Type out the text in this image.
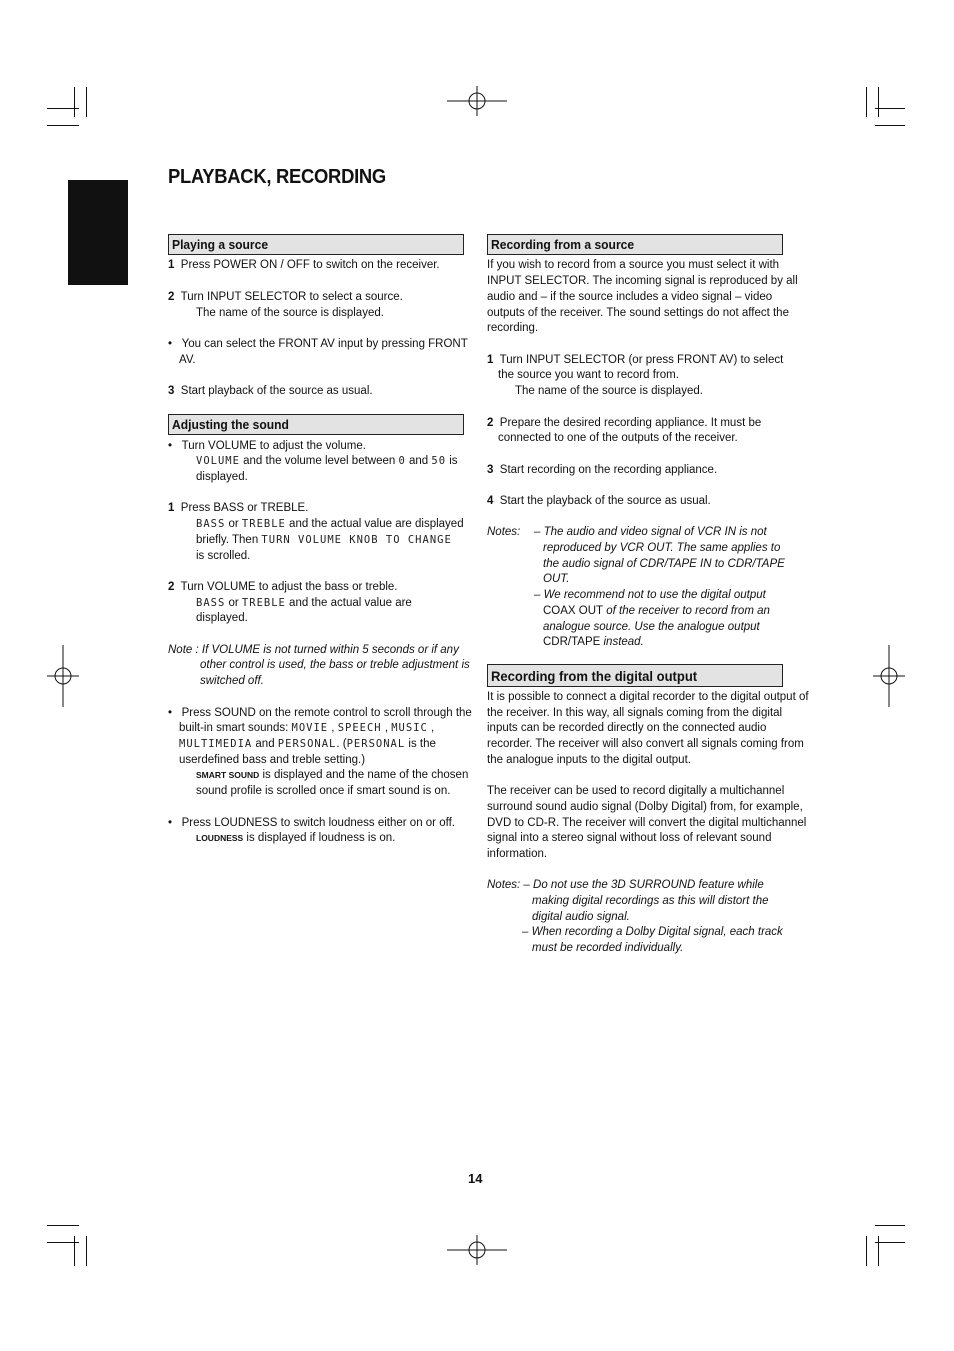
PLAYBACK, RECORDING
Playing a source
1 Press POWER ON / OFF to switch on the receiver.
2 Turn INPUT SELECTOR to select a source.
The name of the source is displayed.
•   You can select the FRONT AV input by pressing FRONT
AV.
3 Start playback of the source as usual.
Adjusting the sound
•   Turn VOLUME to adjust the volume.
VOLUME and the volume level between 0 and 50 is
displayed.
1 Press BASS or TREBLE.
BASS or TREBLE and the actual value are displayed
briefly. Then TURN VOLUME KNOB TO CHANGE
is scrolled.
2 Turn VOLUME to adjust the bass or treble.
BASS or TREBLE and the actual value are
displayed.
Note : If VOLUME is not turned within 5 seconds or if any
other control is used, the bass or treble adjustment is
switched off.
•   Press SOUND on the remote control to scroll through the
built-in smart sounds: MOVIE , SPEECH , MUSIC ,
MULTIMEDIA and PERSONAL. (PERSONAL is the
userdefined bass and treble setting.)
SMART SOUND is displayed and the name of the chosen
sound profile is scrolled once if smart sound is on.
•   Press LOUDNESS to switch loudness either on or off.
LOUDNESS is displayed if loudness is on.
Recording from a source
If you wish to record from a source you must select it with
INPUT SELECTOR. The incoming signal is reproduced by all
audio and – if the source includes a video signal – video
outputs of the receiver. The sound settings do not affect the
recording.
1 Turn INPUT SELECTOR (or press FRONT AV) to select
the source you want to record from.
The name of the source is displayed.
2 Prepare the desired recording appliance. It must be
connected to one of the outputs of the receiver.
3 Start recording on the recording appliance.
4 Start the playback of the source as usual.
Notes: – The audio and video signal of VCR IN is not
reproduced by VCR OUT. The same applies to
the audio signal of CDR/TAPE IN to CDR/TAPE
OUT.
– We recommend not to use the digital output
COAX OUT of the receiver to record from an
analogue source. Use the analogue output
CDR/TAPE instead.
Recording from the digital output
It is possible to connect a digital recorder to the digital output of
the receiver. In this way, all signals coming from the digital
inputs can be recorded directly on the connected audio
recorder. The receiver will also convert all signals coming from
the analogue inputs to the digital output.
The receiver can be used to record digitally a multichannel
surround sound audio signal (Dolby Digital) from, for example,
DVD to CD-R. The receiver will convert the digital multichannel
signal into a stereo signal without loss of relevant sound
information.
Notes: – Do not use the 3D SURROUND feature while
making digital recordings as this will distort the
digital audio signal.
– When recording a Dolby Digital signal, each track
must be recorded individually.
14
